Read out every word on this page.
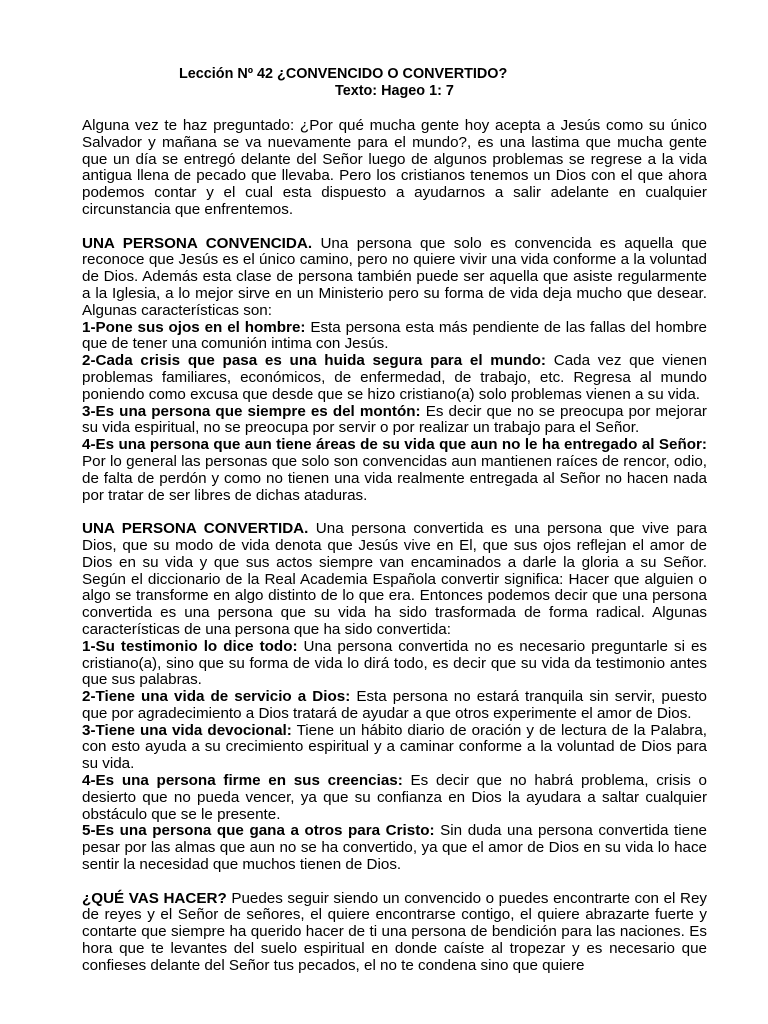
Lección Nº 42 ¿CONVENCIDO O CONVERTIDO?
Texto: Hageo 1: 7

Alguna vez te haz preguntado: ¿Por qué mucha gente hoy acepta a Jesús como su único Salvador y mañana se va nuevamente para el mundo?, es una lastima que mucha gente que un día se entregó delante del Señor luego de algunos problemas se regrese a la vida antigua llena de pecado que llevaba. Pero los cristianos tenemos un Dios con el que ahora podemos contar y el cual esta dispuesto a ayudarnos a salir adelante en cualquier circunstancia que enfrentemos.

UNA PERSONA CONVENCIDA. Una persona que solo es convencida es aquella que reconoce que Jesús es el único camino, pero no quiere vivir una vida conforme a la voluntad de Dios. Además esta clase de persona también puede ser aquella que asiste regularmente a la Iglesia, a lo mejor sirve en un Ministerio pero su forma de vida deja mucho que desear. Algunas características son:

1-Pone sus ojos en el hombre: Esta persona esta más pendiente de las fallas del hombre que de tener una comunión intima con Jesús.

2-Cada crisis que pasa es una huida segura para el mundo: Cada vez que vienen problemas familiares, económicos, de enfermedad, de trabajo, etc. Regresa al mundo poniendo como excusa que desde que se hizo cristiano(a) solo problemas vienen a su vida.

3-Es una persona que siempre es del montón: Es decir que no se preocupa por mejorar su vida espiritual, no se preocupa por servir o por realizar un trabajo para el Señor.

4-Es una persona que aun tiene áreas de su vida que aun no le ha entregado al Señor: Por lo general las personas que solo son convencidas aun mantienen raíces de rencor, odio, de falta de perdón y como no tienen una vida realmente entregada al Señor no hacen nada por tratar de ser libres de dichas ataduras.

UNA PERSONA CONVERTIDA. Una persona convertida es una persona que vive para Dios, que su modo de vida denota que Jesús vive en El, que sus ojos reflejan el amor de Dios en su vida y que sus actos siempre van encaminados a darle la gloria a su Señor. Según el diccionario de la Real Academia Española convertir significa: Hacer que alguien o algo se transforme en algo distinto de lo que era. Entonces podemos decir que una persona convertida es una persona que su vida ha sido trasformada de forma radical. Algunas características de una persona que ha sido convertida:

1-Su testimonio lo dice todo: Una persona convertida no es necesario preguntarle si es cristiano(a), sino que su forma de vida lo dirá todo, es decir que su vida da testimonio antes que sus palabras.

2-Tiene una vida de servicio a Dios: Esta persona no estará tranquila sin servir, puesto que por agradecimiento a Dios tratará de ayudar a que otros experimente el amor de Dios.

3-Tiene una vida devocional: Tiene un hábito diario de oración y de lectura de la Palabra, con esto ayuda a su crecimiento espiritual y a caminar conforme a la voluntad de Dios para su vida.

4-Es una persona firme en sus creencias: Es decir que no habrá problema, crisis o desierto que no pueda vencer, ya que su confianza en Dios la ayudara a saltar cualquier obstáculo que se le presente.

5-Es una persona que gana a otros para Cristo: Sin duda una persona convertida tiene pesar por las almas que aun no se ha convertido, ya que el amor de Dios en su vida lo hace sentir la necesidad que muchos tienen de Dios.

¿QUÉ VAS HACER? Puedes seguir siendo un convencido o puedes encontrarte con el Rey de reyes y el Señor de señores, el quiere encontrarse contigo, el quiere abrazarte fuerte y contarte que siempre ha querido hacer de ti una persona de bendición para las naciones. Es hora que te levantes del suelo espiritual en donde caíste al tropezar y es necesario que confieses delante del Señor tus pecados, el no te condena sino que quiere
